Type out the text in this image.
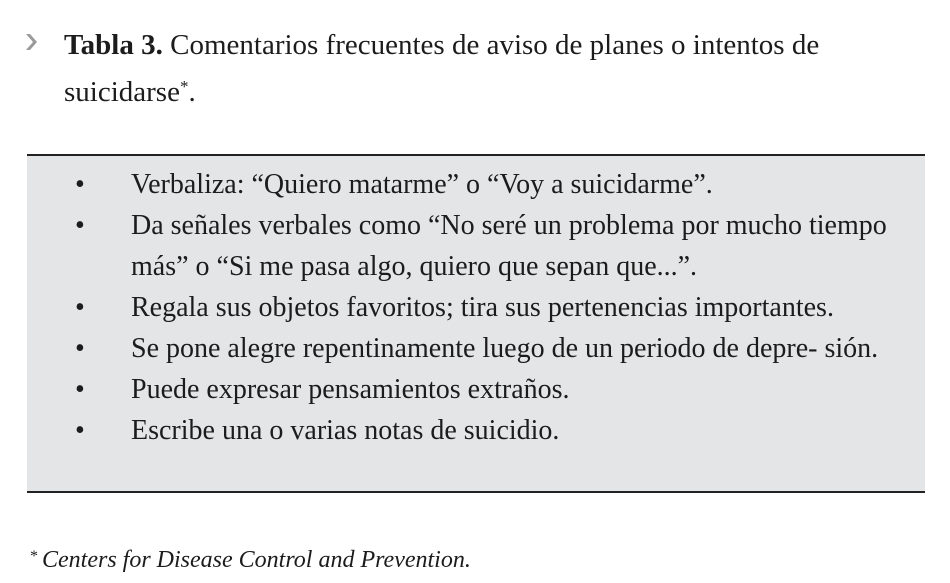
Tabla 3. Comentarios frecuentes de aviso de planes o intentos de suicidarse*.
• Verbaliza: “Quiero matarme” o “Voy a suicidarme”.
• Da señales verbales como “No seré un problema por mucho tiempo más” o “Si me pasa algo, quiero que sepan que...”.
• Regala sus objetos favoritos; tira sus pertenencias importantes.
• Se pone alegre repentinamente luego de un periodo de depre- sión.
• Puede expresar pensamientos extraños.
• Escribe una o varias notas de suicidio.
* Centers for Disease Control and Prevention.
